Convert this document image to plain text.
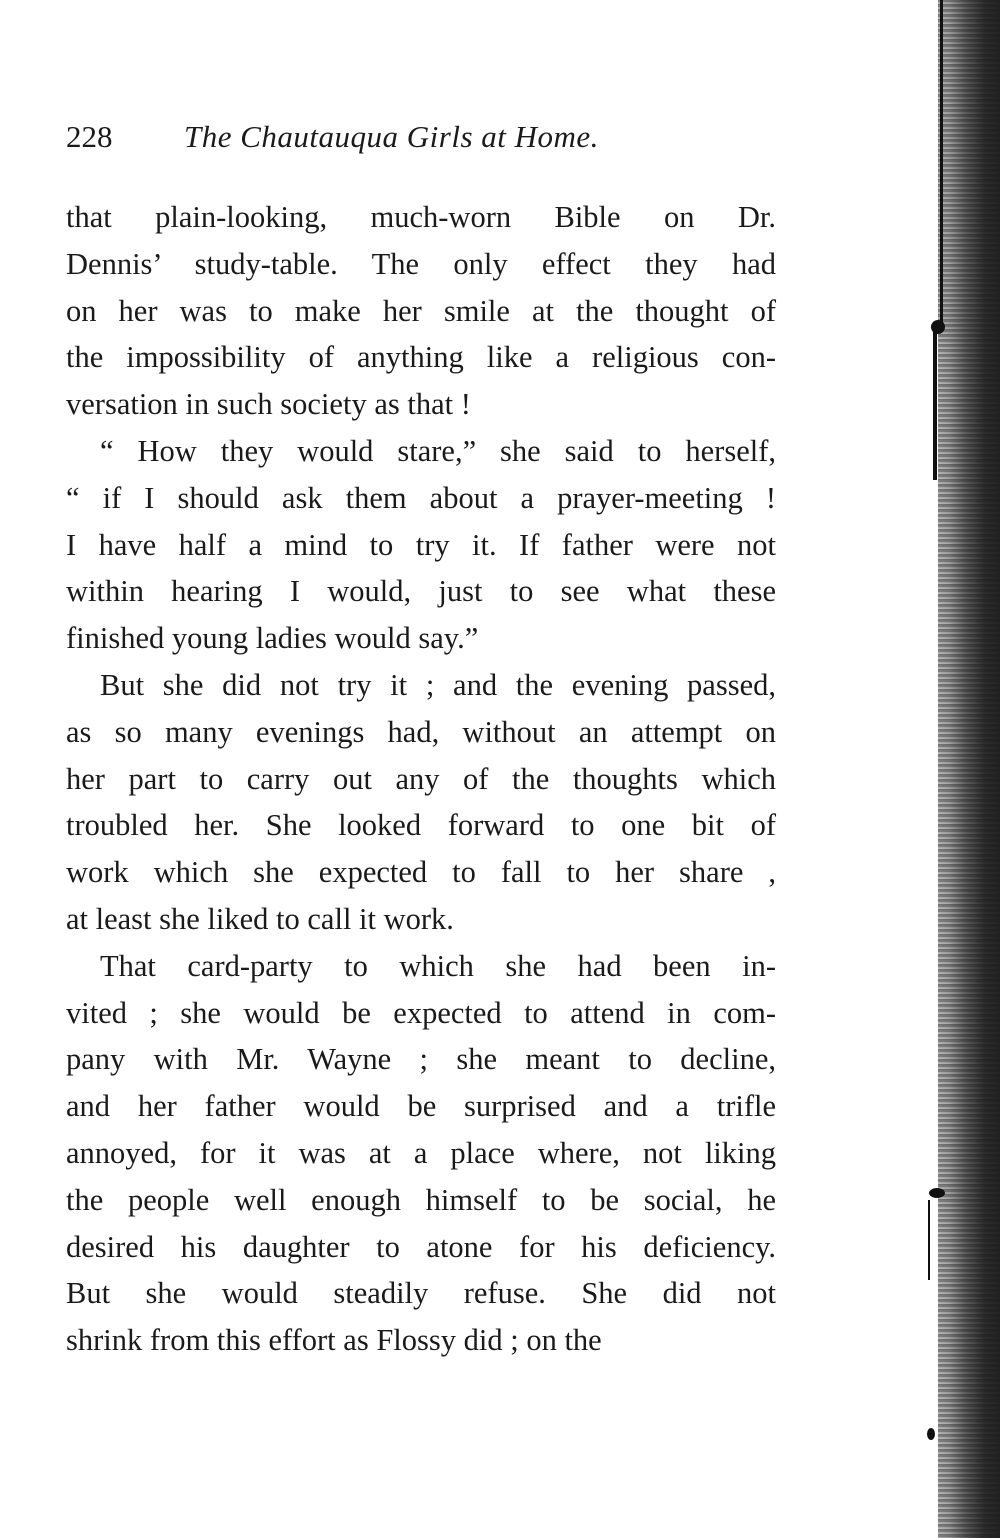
228 The Chautauqua Girls at Home.
that plain-looking, much-worn Bible on Dr.
Dennis’ study-table. The only effect they had
on her was to make her smile at the thought of
the impossibility of anything like a religious con-
versation in such society as that !
“ How they would stare,” she said to herself,
“ if I should ask them about a prayer-meeting !
I have half a mind to try it. If father were not
within hearing I would, just to see what these
finished young ladies would say.”
But she did not try it ; and the evening passed,
as so many evenings had, without an attempt on
her part to carry out any of the thoughts which
troubled her. She looked forward to one bit of
work which she expected to fall to her share ,
at least she liked to call it work.
That card-party to which she had been in-
vited ; she would be expected to attend in com-
pany with Mr. Wayne ; she meant to decline,
and her father would be surprised and a trifle
annoyed, for it was at a place where, not liking
the people well enough himself to be social, he
desired his daughter to atone for his deficiency.
But she would steadily refuse. She did not
shrink from this effort as Flossy did ; on the
